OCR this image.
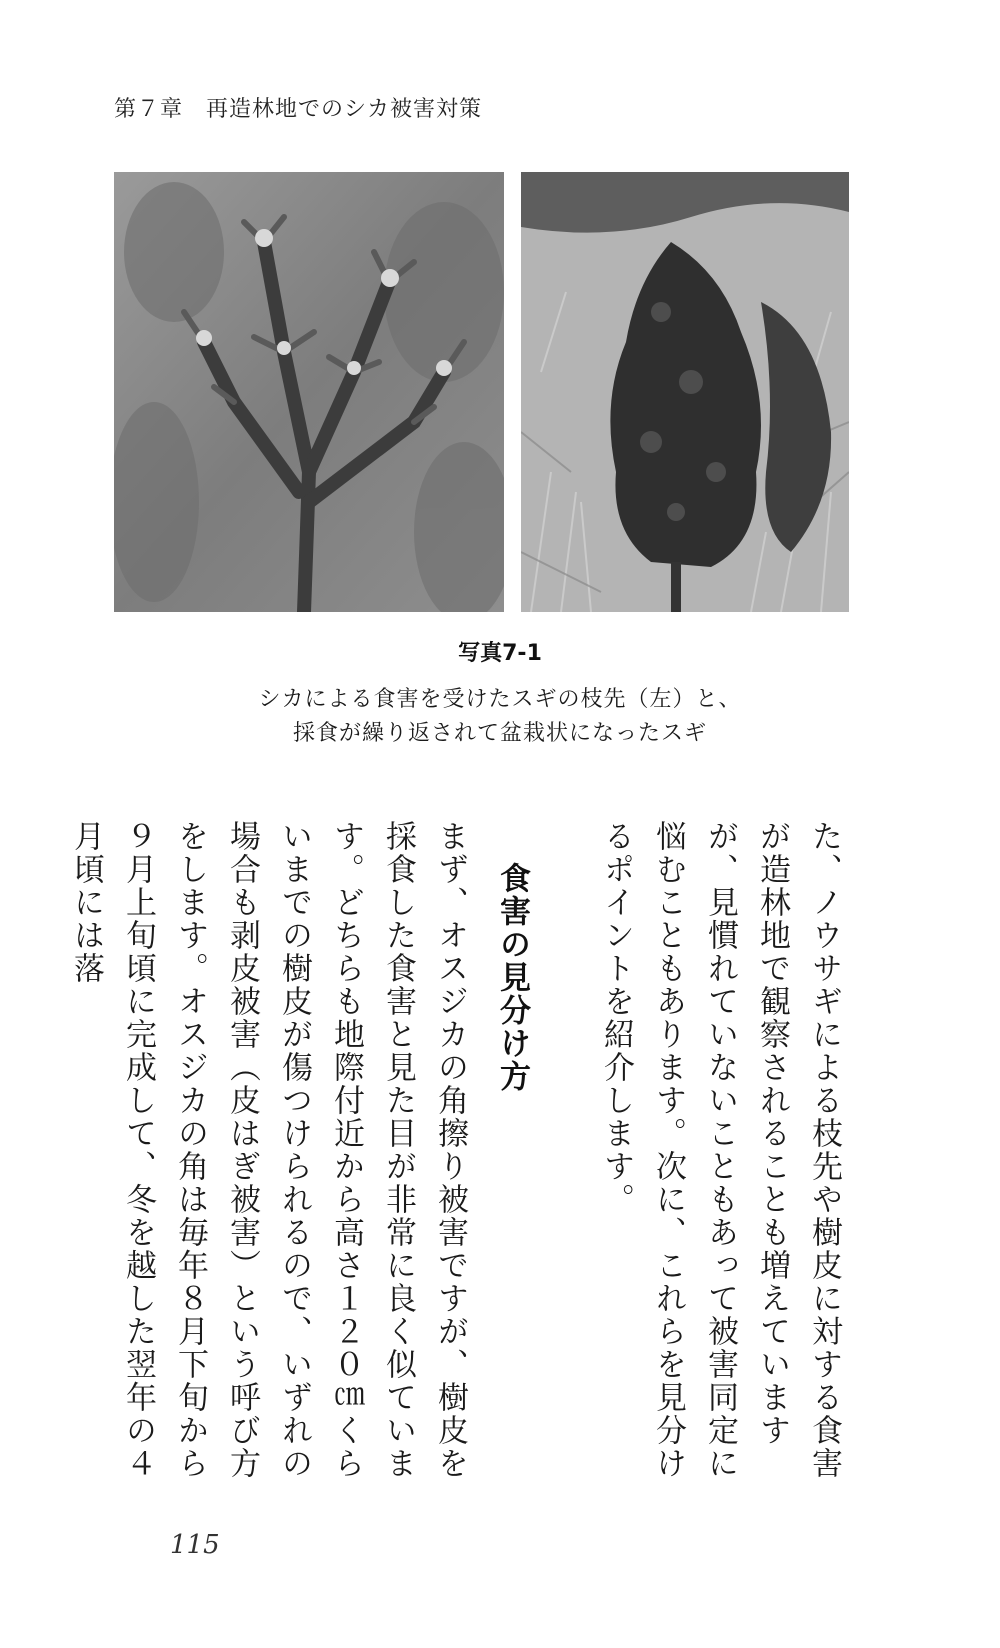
第７章　再造林地でのシカ被害対策
写真7-1
シカによる食害を受けたスギの枝先（左）と、
採食が繰り返されて盆栽状になったスギ

た、ノウサギによる枝先や樹皮に対する食害が造林地で観察されることも増えていますが、見慣れていないこともあって被害同定に悩むこともあります。次に、これらを見分けるポイントを紹介します。

食害の見分け方

まず、オスジカの角擦り被害ですが、樹皮を採食した食害と見た目が非常に良く似ています。どちらも地際付近から高さ１２０㎝くらいまでの樹皮が傷つけられるので、いずれの場合も剥皮被害（皮はぎ被害）という呼び方をします。オスジカの角は毎年８月下旬から９月上旬頃に完成して、冬を越した翌年の４月頃には落

115
